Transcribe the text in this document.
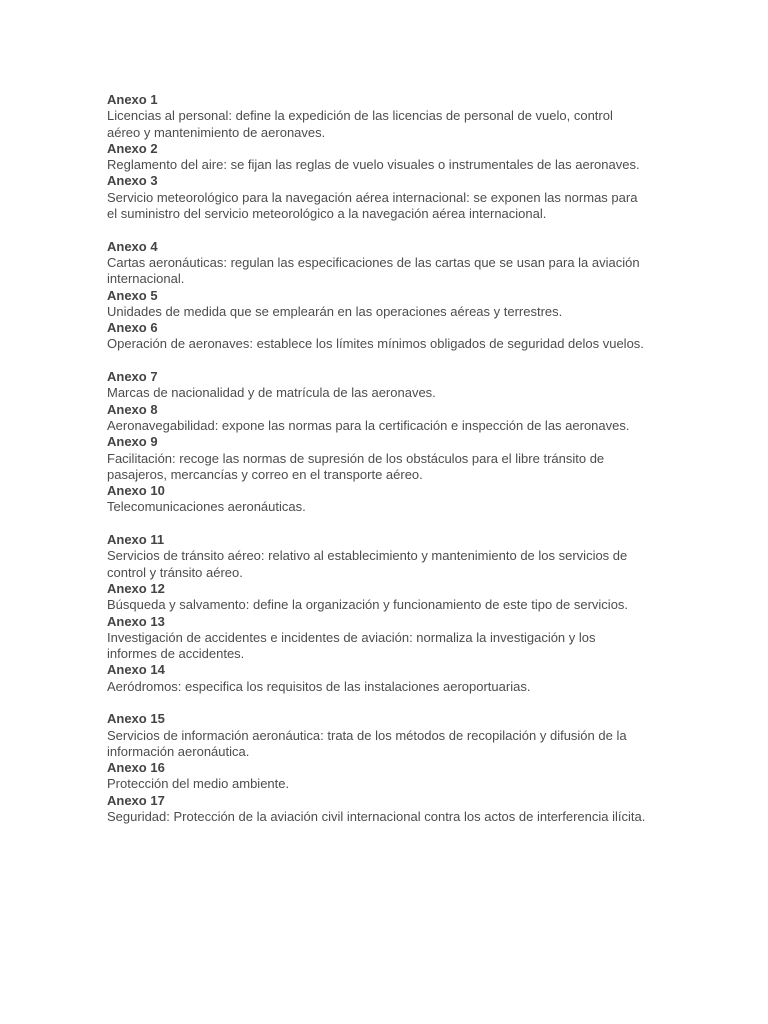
Anexo 1
Licencias al personal: define la expedición de las licencias de personal de vuelo, control aéreo y mantenimiento de aeronaves.
Anexo 2
Reglamento del aire: se fijan las reglas de vuelo visuales o instrumentales de las aeronaves.
Anexo 3
Servicio meteorológico para la navegación aérea internacional: se exponen las normas para el suministro del servicio meteorológico a la navegación aérea internacional.
Anexo 4
Cartas aeronáuticas: regulan las especificaciones de las cartas que se usan para la aviación internacional.
Anexo 5
Unidades de medida que se emplearán en las operaciones aéreas y terrestres.
Anexo 6
Operación de aeronaves: establece los límites mínimos obligados de seguridad delos vuelos.
Anexo 7
Marcas de nacionalidad y de matrícula de las aeronaves.
Anexo 8
Aeronavegabilidad: expone las normas para la certificación e inspección de las aeronaves.
Anexo 9
Facilitación: recoge las normas de supresión de los obstáculos para el libre tránsito de pasajeros, mercancías y correo en el transporte aéreo.
Anexo 10
Telecomunicaciones aeronáuticas.
Anexo 11
Servicios de tránsito aéreo: relativo al establecimiento y mantenimiento de los servicios de control y tránsito aéreo.
Anexo 12
Búsqueda y salvamento: define la organización y funcionamiento de este tipo de servicios.
Anexo 13
Investigación de accidentes e incidentes de aviación: normaliza la investigación y los informes de accidentes.
Anexo 14
Aeródromos: especifica los requisitos de las instalaciones aeroportuarias.
Anexo 15
Servicios de información aeronáutica: trata de los métodos de recopilación y difusión de la información aeronáutica.
Anexo 16
Protección del medio ambiente.
Anexo 17
Seguridad: Protección de la aviación civil internacional contra los actos de interferencia ilícita.
